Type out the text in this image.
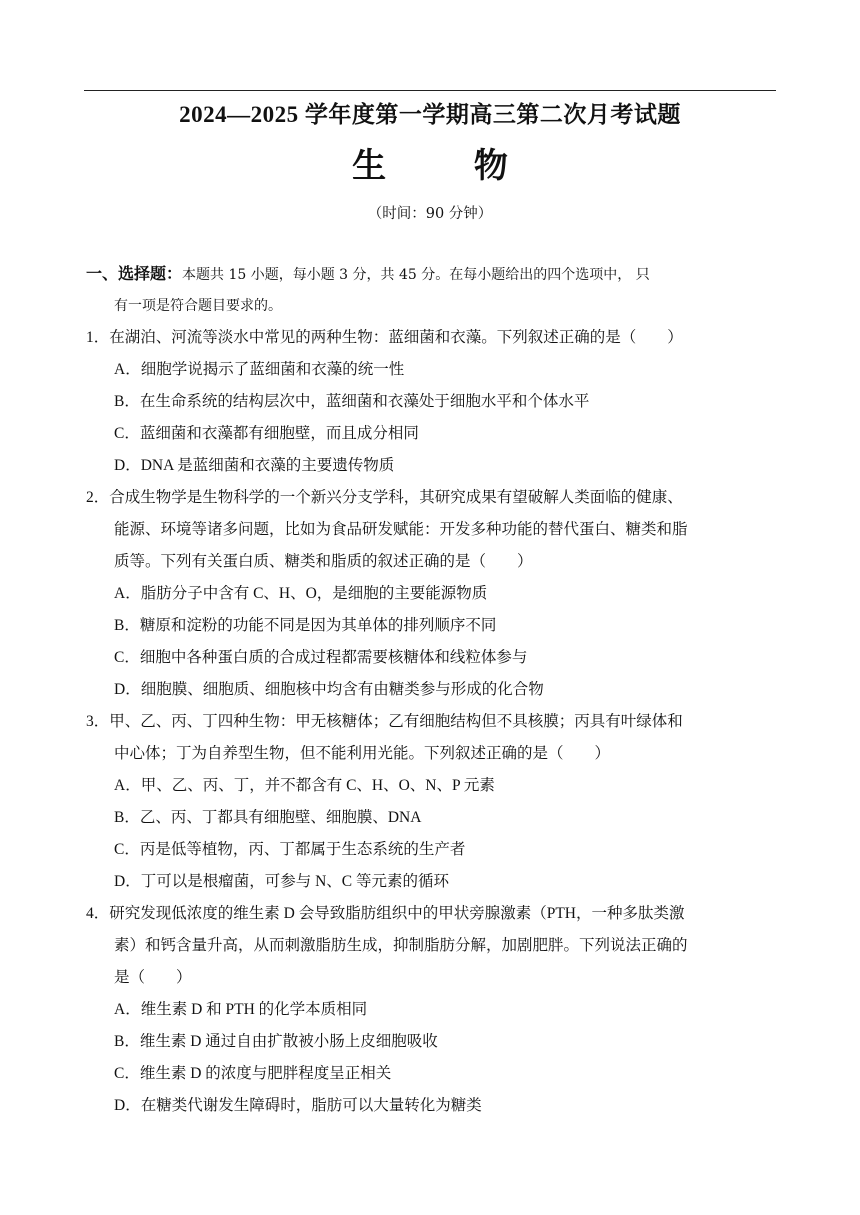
2024—2025 学年度第一学期高三第二次月考试题
生 物
（时间：90 分钟）
一、选择题：本题共 15 小题，每小题 3 分，共 45 分。在每小题给出的四个选项中， 只
有一项是符合题目要求的。
1．在湖泊、河流等淡水中常见的两种生物：蓝细菌和衣藻。下列叙述正确的是（　　）
A．细胞学说揭示了蓝细菌和衣藻的统一性
B．在生命系统的结构层次中，蓝细菌和衣藻处于细胞水平和个体水平
C．蓝细菌和衣藻都有细胞壁，而且成分相同
D．DNA 是蓝细菌和衣藻的主要遗传物质
2．合成生物学是生物科学的一个新兴分支学科，其研究成果有望破解人类面临的健康、
能源、环境等诸多问题，比如为食品研发赋能：开发多种功能的替代蛋白、糖类和脂
质等。下列有关蛋白质、糖类和脂质的叙述正确的是（　　）
A．脂肪分子中含有 C、H、O，是细胞的主要能源物质
B．糖原和淀粉的功能不同是因为其单体的排列顺序不同
C．细胞中各种蛋白质的合成过程都需要核糖体和线粒体参与
D．细胞膜、细胞质、细胞核中均含有由糖类参与形成的化合物
3．甲、乙、丙、丁四种生物：甲无核糖体；乙有细胞结构但不具核膜；丙具有叶绿体和
中心体；丁为自养型生物，但不能利用光能。下列叙述正确的是（　　）
A．甲、乙、丙、丁，并不都含有 C、H、O、N、P 元素
B．乙、丙、丁都具有细胞壁、细胞膜、DNA
C．丙是低等植物，丙、丁都属于生态系统的生产者
D．丁可以是根瘤菌，可参与 N、C 等元素的循环
4．研究发现低浓度的维生素 D 会导致脂肪组织中的甲状旁腺激素（PTH，一种多肽类激
素）和钙含量升高，从而刺激脂肪生成，抑制脂肪分解，加剧肥胖。下列说法正确的
是（　　）
A．维生素 D 和 PTH 的化学本质相同
B．维生素 D 通过自由扩散被小肠上皮细胞吸收
C．维生素 D 的浓度与肥胖程度呈正相关
D．在糖类代谢发生障碍时，脂肪可以大量转化为糖类
